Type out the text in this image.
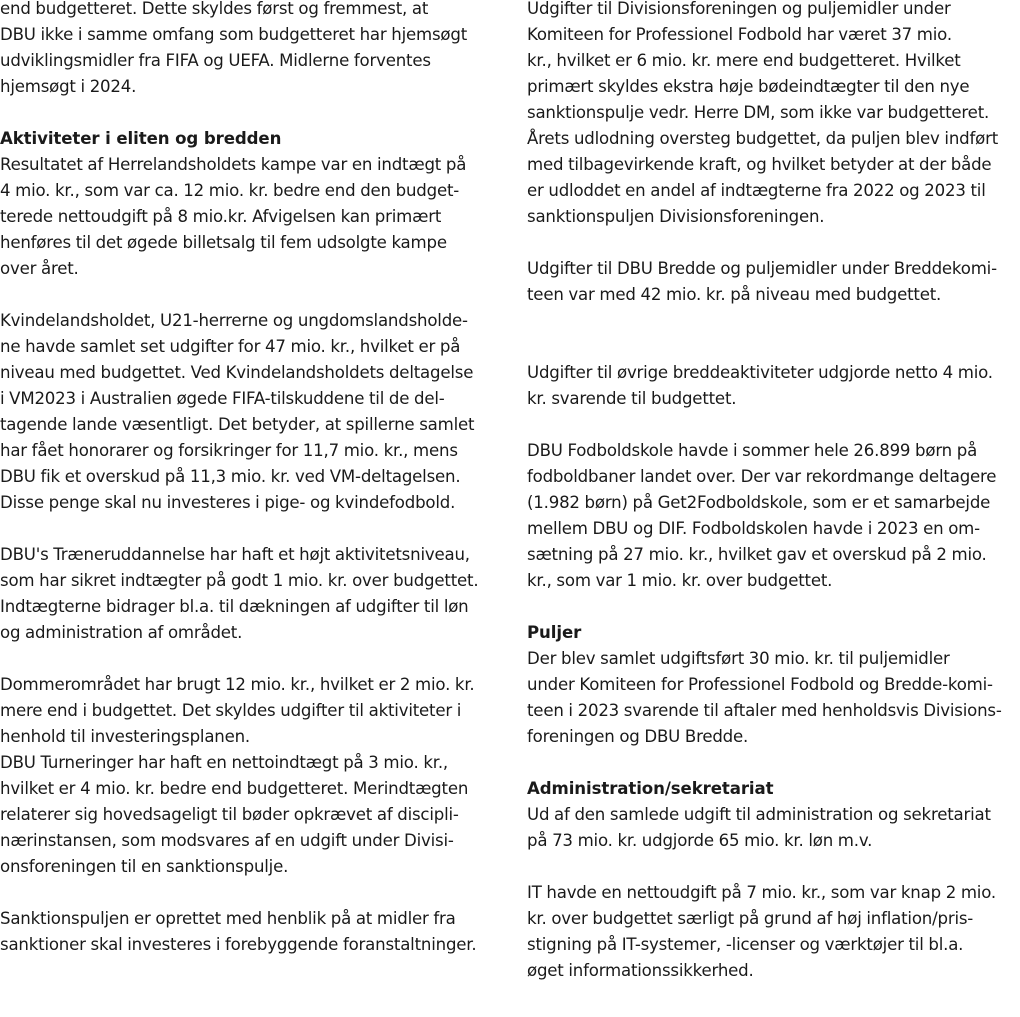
end budgetteret. Dette skyldes først og fremmest, at
DBU ikke i samme omfang som budgetteret har hjemsøgt
udviklingsmidler fra FIFA og UEFA. Midlerne forventes
hjemsøgt i 2024.

Aktiviteter i eliten og bredden

Resultatet af Herrelandsholdets kampe var en indtægt på
4 mio. kr., som var ca. 12 mio. kr. bedre end den budget-
terede nettoudgift på 8 mio.kr. Afvigelsen kan primært
henføres til det øgede billetsalg til fem udsolgte kampe
over året.

Kvindelandsholdet, U21-herrerne og ungdomslandsholde-
ne havde samlet set udgifter for 47 mio. kr., hvilket er på
niveau med budgettet. Ved Kvindelandsholdets deltagelse
i VM2023 i Australien øgede FIFA-tilskuddene til de del-
tagende lande væsentligt. Det betyder, at spillerne samlet
har fået honorarer og forsikringer for 11,7 mio. kr., mens
DBU fik et overskud på 11,3 mio. kr. ved VM-deltagelsen.
Disse penge skal nu investeres i pige- og kvindefodbold.

DBU's Træneruddannelse har haft et højt aktivitetsniveau,
som har sikret indtægter på godt 1 mio. kr. over budgettet.
Indtægterne bidrager bl.a. til dækningen af udgifter til løn
og administration af området.

Dommerområdet har brugt 12 mio. kr., hvilket er 2 mio. kr.
mere end i budgettet. Det skyldes udgifter til aktiviteter i
henhold til investeringsplanen.
DBU Turneringer har haft en nettoindtægt på 3 mio. kr.,
hvilket er 4 mio. kr. bedre end budgetteret. Merindtægten
relaterer sig hovedsageligt til bøder opkrævet af discipli-
nærinstansen, som modsvares af en udgift under Divisi-
onsforeningen til en sanktionspulje.

Sanktionspuljen er oprettet med henblik på at midler fra
sanktioner skal investeres i forebyggende foranstaltninger.

Udgifter til Divisionsforeningen og puljemidler under
Komiteen for Professionel Fodbold har været 37 mio.
kr., hvilket er 6 mio. kr. mere end budgetteret. Hvilket
primært skyldes ekstra høje bødeindtægter til den nye
sanktionspulje vedr. Herre DM, som ikke var budgetteret.
Årets udlodning oversteg budgettet, da puljen blev indført
med tilbagevirkende kraft, og hvilket betyder at der både
er udloddet en andel af indtægterne fra 2022 og 2023 til
sanktionspuljen Divisionsforeningen.

Udgifter til DBU Bredde og puljemidler under Breddekomi-
teen var med 42 mio. kr. på niveau med budgettet.

Udgifter til øvrige breddeaktiviteter udgjorde netto 4 mio.
kr. svarende til budgettet.

DBU Fodboldskole havde i sommer hele 26.899 børn på
fodboldbaner landet over. Der var rekordmange deltagere
(1.982 børn) på Get2Fodboldskole, som er et samarbejde
mellem DBU og DIF. Fodboldskolen havde i 2023 en om-
sætning på 27 mio. kr., hvilket gav et overskud på 2 mio.
kr., som var 1 mio. kr. over budgettet.

Puljer

Der blev samlet udgiftsført 30 mio. kr. til puljemidler
under Komiteen for Professionel Fodbold og Bredde-komi-
teen i 2023 svarende til aftaler med henholdsvis Divisions-
foreningen og DBU Bredde.

Administration/sekretariat

Ud af den samlede udgift til administration og sekretariat
på 73 mio. kr. udgjorde 65 mio. kr. løn m.v.

IT havde en nettoudgift på 7 mio. kr., som var knap 2 mio.
kr. over budgettet særligt på grund af høj inflation/pris-
stigning på IT-systemer, -licenser og værktøjer til bl.a.
øget informationssikkerhed.
